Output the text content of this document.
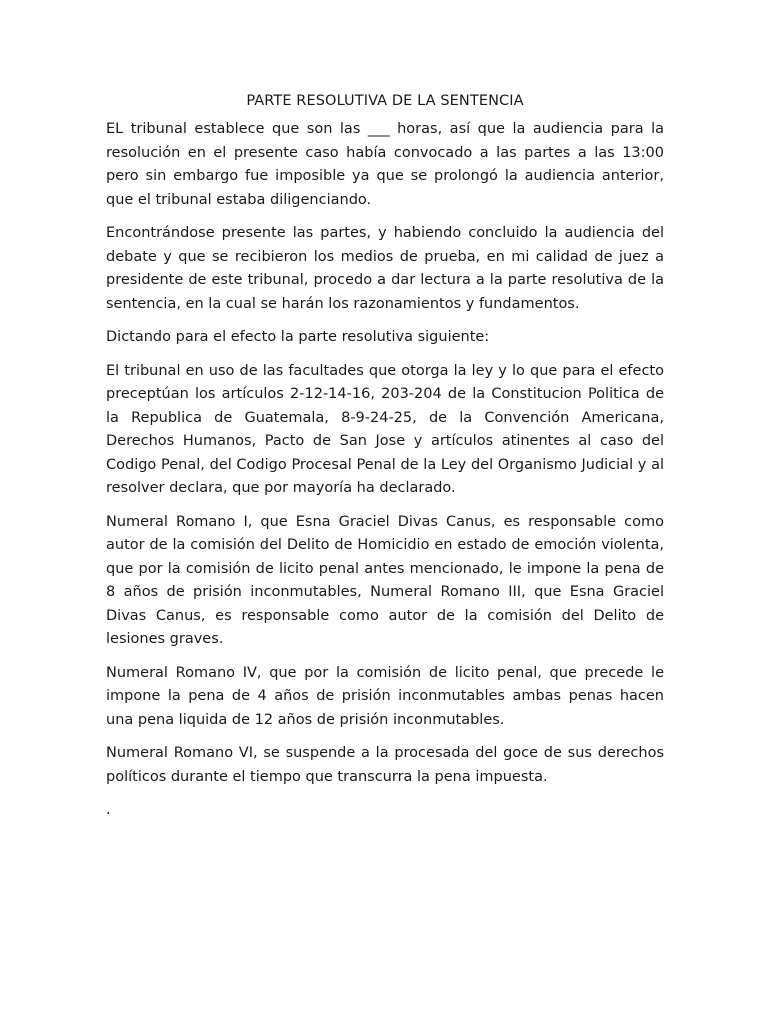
PARTE RESOLUTIVA DE LA SENTENCIA

EL tribunal establece que son las ___ horas, así que la audiencia para la resolución en el presente caso había convocado a las partes a las 13:00 pero sin embargo fue imposible ya que se prolongó la audiencia anterior, que el tribunal estaba diligenciando.

Encontrándose presente las partes, y habiendo concluido la audiencia del debate y que se recibieron los medios de prueba, en mi calidad de juez a presidente de este tribunal, procedo a dar lectura a la parte resolutiva de la sentencia, en la cual se harán los razonamientos y fundamentos.

Dictando para el efecto la parte resolutiva siguiente:

El tribunal en uso de las facultades que otorga la ley y lo que para el efecto preceptúan los artículos 2-12-14-16, 203-204 de la Constitucion Politica de la Republica de Guatemala, 8-9-24-25, de la Convención Americana, Derechos Humanos, Pacto de San Jose y artículos atinentes al caso del Codigo Penal, del Codigo Procesal Penal de la Ley del Organismo Judicial y al resolver declara, que por mayoría ha declarado.

Numeral Romano I, que Esna Graciel Divas Canus, es responsable como autor de la comisión del Delito de Homicidio en estado de emoción violenta, que por la comisión de licito penal antes mencionado, le impone la pena de 8 años de prisión inconmutables, Numeral Romano III, que Esna Graciel Divas Canus, es responsable como autor de la comisión del Delito de lesiones graves.

Numeral Romano IV, que por la comisión de licito penal, que precede le impone la pena de 4 años de prisión inconmutables ambas penas hacen una pena liquida de 12 años de prisión inconmutables.

Numeral Romano VI, se suspende a la procesada del goce de sus derechos políticos durante el tiempo que transcurra la pena impuesta.

.
